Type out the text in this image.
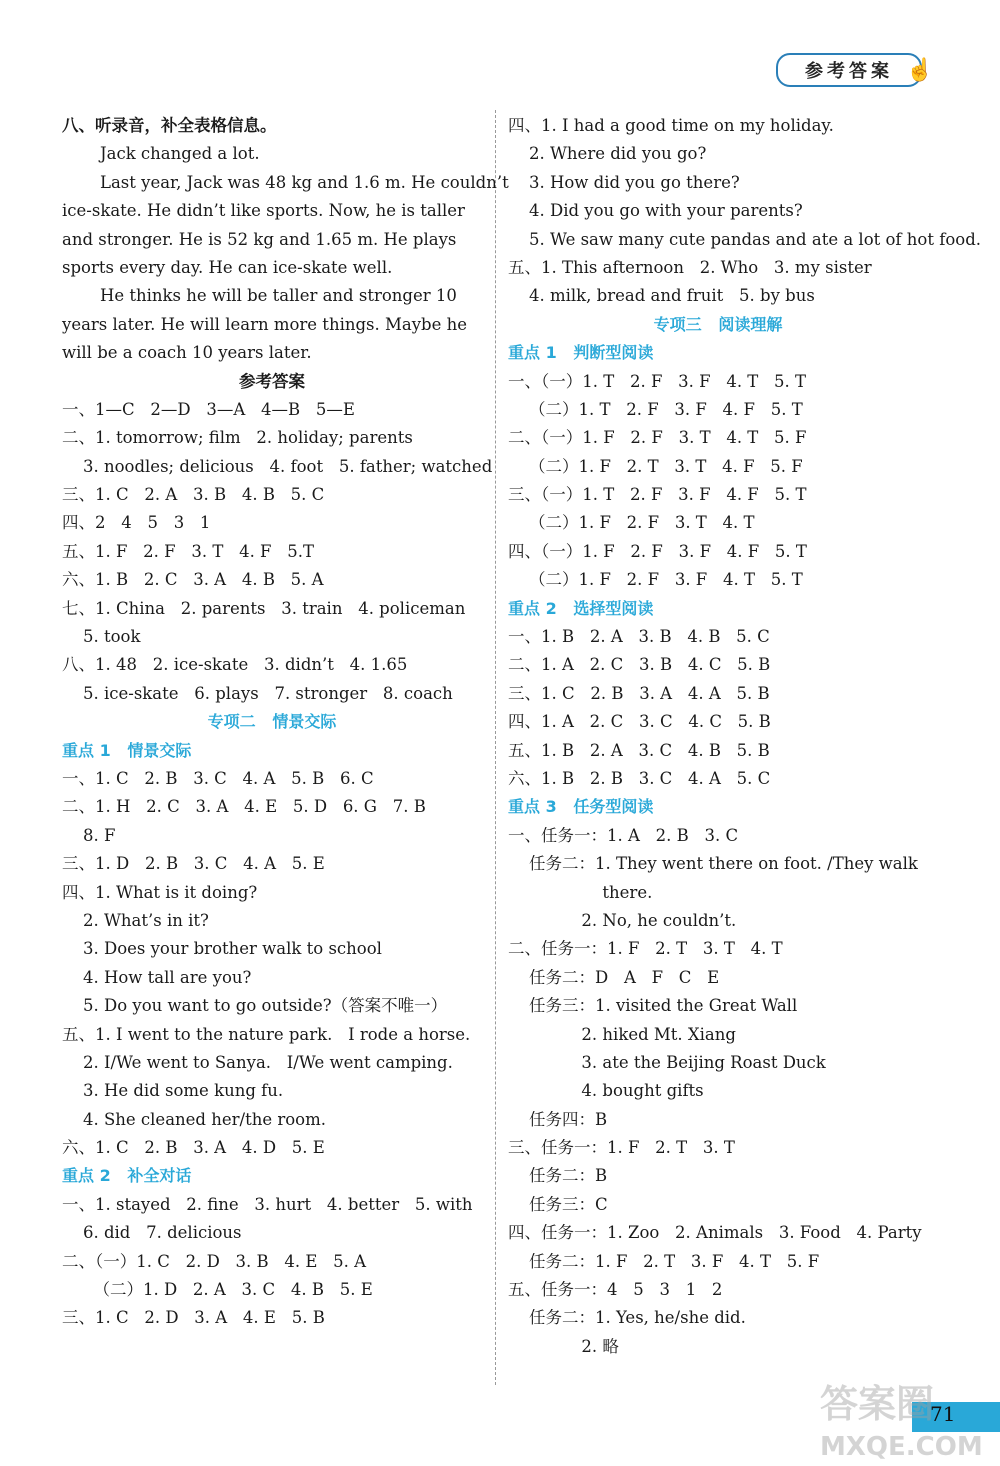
参考答案 ☝
八、听录音，补全表格信息。
Jack changed a lot.
Last year, Jack was 48 kg and 1.6 m. He couldn’t
ice-skate. He didn’t like sports. Now, he is taller
and stronger. He is 52 kg and 1.65 m. He plays
sports every day. He can ice-skate well.
He thinks he will be taller and stronger 10
years later. He will learn more things. Maybe he
will be a coach 10 years later.
参考答案
一、1—C   2—D   3—A   4—B   5—E
二、1. tomorrow; film   2. holiday; parents
3. noodles; delicious   4. foot   5. father; watched
三、1. C   2. A   3. B   4. B   5. C
四、2   4   5   3   1
五、1. F   2. F   3. T   4. F   5.T
六、1. B   2. C   3. A   4. B   5. A
七、1. China   2. parents   3. train   4. policeman
5. took
八、1. 48   2. ice-skate   3. didn’t   4. 1.65
5. ice-skate   6. plays   7. stronger   8. coach
专项二   情景交际
重点 1   情景交际
一、1. C   2. B   3. C   4. A   5. B   6. C
二、1. H   2. C   3. A   4. E   5. D   6. G   7. B
8. F
三、1. D   2. B   3. C   4. A   5. E
四、1. What is it doing?
2. What’s in it?
3. Does your brother walk to school
4. How tall are you?
5. Do you want to go outside?（答案不唯一）
五、1. I went to the nature park.   I rode a horse.
2. I/We went to Sanya.   I/We went camping.
3. He did some kung fu.
4. She cleaned her/the room.
六、1. C   2. B   3. A   4. D   5. E
重点 2   补全对话
一、1. stayed   2. fine   3. hurt   4. better   5. with
6. did   7. delicious
二、（一）1. C   2. D   3. B   4. E   5. A
（二）1. D   2. A   3. C   4. B   5. E
三、1. C   2. D   3. A   4. E   5. B
四、1. I had a good time on my holiday.
2. Where did you go?
3. How did you go there?
4. Did you go with your parents?
5. We saw many cute pandas and ate a lot of hot food.
五、1. This afternoon   2. Who   3. my sister
4. milk, bread and fruit   5. by bus
专项三   阅读理解
重点 1   判断型阅读
一、（一）1. T   2. F   3. F   4. T   5. T
（二）1. T   2. F   3. F   4. F   5. T
二、（一）1. F   2. F   3. T   4. T   5. F
（二）1. F   2. T   3. T   4. F   5. F
三、（一）1. T   2. F   3. F   4. F   5. T
（二）1. F   2. F   3. T   4. T
四、（一）1. F   2. F   3. F   4. F   5. T
（二）1. F   2. F   3. F   4. T   5. T
重点 2   选择型阅读
一、1. B   2. A   3. B   4. B   5. C
二、1. A   2. C   3. B   4. C   5. B
三、1. C   2. B   3. A   4. A   5. B
四、1. A   2. C   3. C   4. C   5. B
五、1. B   2. A   3. C   4. B   5. B
六、1. B   2. B   3. C   4. A   5. C
重点 3   任务型阅读
一、任务一：1. A   2. B   3. C
任务二：1. They went there on foot. /They walk
there.
2. No, he couldn’t.
二、任务一：1. F   2. T   3. T   4. T
任务二：D   A   F   C   E
任务三：1. visited the Great Wall
2. hiked Mt. Xiang
3. ate the Beijing Roast Duck
4. bought gifts
任务四：B
三、任务一：1. F   2. T   3. T
任务二：B
任务三：C
四、任务一：1. Zoo   2. Animals   3. Food   4. Party
任务二：1. F   2. T   3. F   4. T   5. F
五、任务一：4   5   3   1   2
任务二：1. Yes, he/she did.
2. 略
71
答案圈
MXQE.COM
